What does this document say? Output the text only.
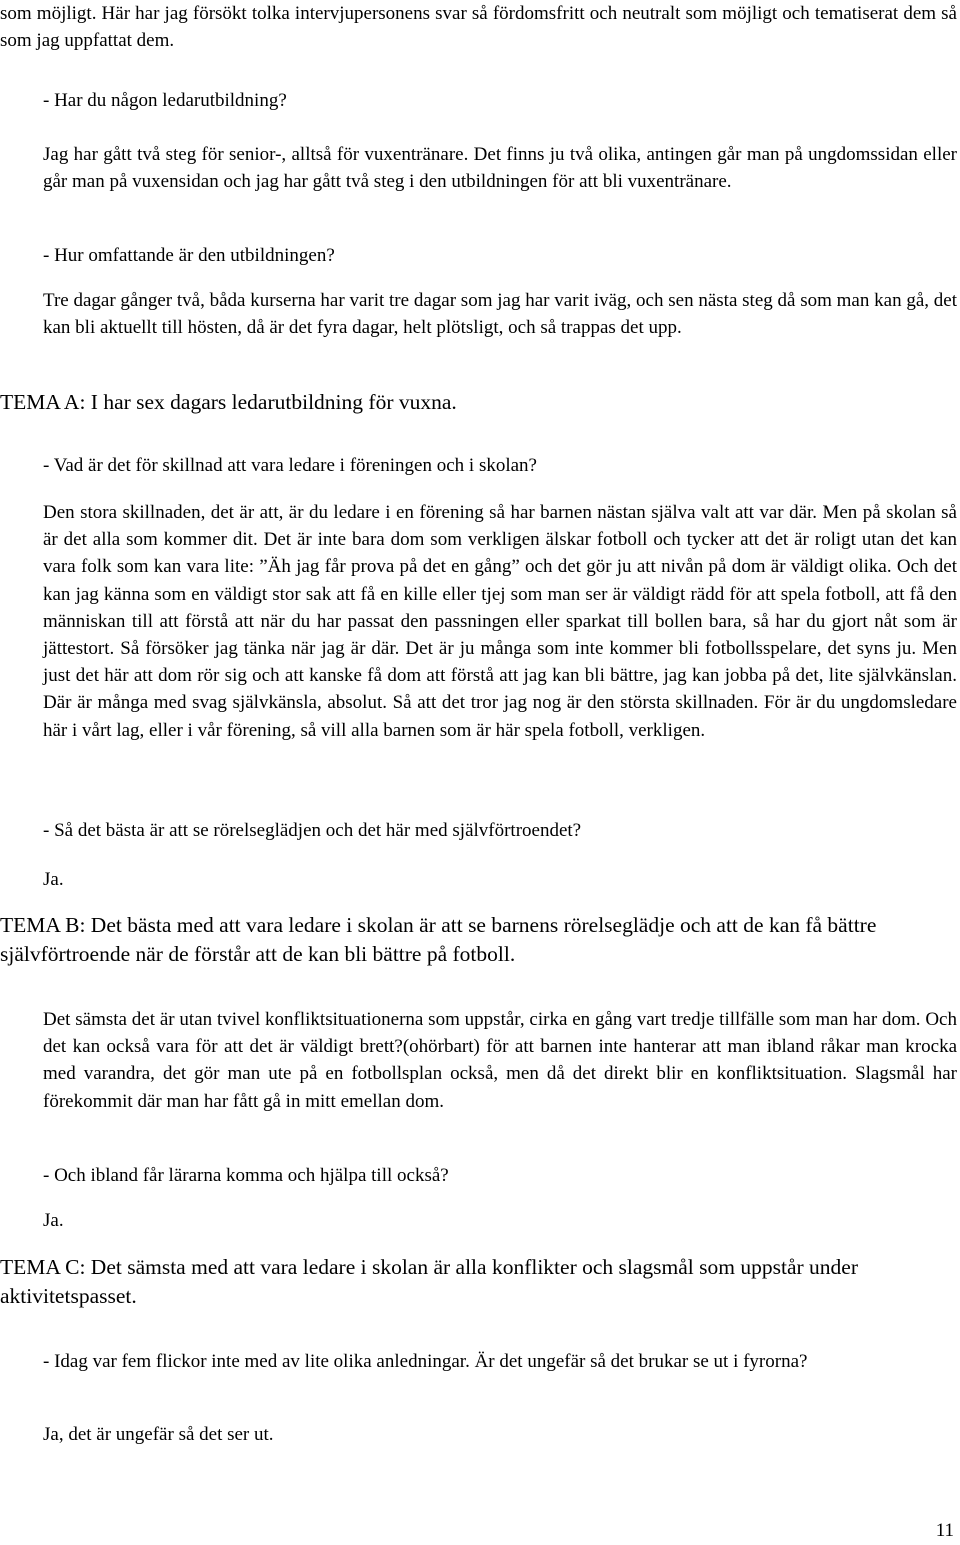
som möjligt. Här har jag försökt tolka intervjupersonens svar så fördomsfritt och neutralt som möjligt och tematiserat dem så som jag uppfattat dem.

- Har du någon ledarutbildning?

Jag har gått två steg för senior-, alltså för vuxentränare. Det finns ju två olika, antingen går man på ungdomssidan eller går man på vuxensidan och jag har gått två steg i den utbildningen för att bli vuxentränare.

- Hur omfattande är den utbildningen?

Tre dagar gånger två, båda kurserna har varit tre dagar som jag har varit iväg, och sen nästa steg då som man kan gå, det kan bli aktuellt till hösten, då är det fyra dagar, helt plötsligt, och så trappas det upp.

TEMA A: I har sex dagars ledarutbildning för vuxna.

- Vad är det för skillnad att vara ledare i föreningen och i skolan?

Den stora skillnaden, det är att, är du ledare i en förening så har barnen nästan själva valt att var där. Men på skolan så är det alla som kommer dit. Det är inte bara dom som verkligen älskar fotboll och tycker att det är roligt utan det kan vara folk som kan vara lite: ”Äh jag får prova på det en gång” och det gör ju att nivån på dom är väldigt olika. Och det kan jag känna som en väldigt stor sak att få en kille eller tjej som man ser är väldigt rädd för att spela fotboll, att få den människan till att förstå att när du har passat den passningen eller sparkat till bollen bara, så har du gjort nåt som är jättestort. Så försöker jag tänka när jag är där. Det är ju många som inte kommer bli fotbollsspelare, det syns ju. Men just det här att dom rör sig och att kanske få dom att förstå att jag kan bli bättre, jag kan jobba på det, lite självkänslan. Där är många med svag självkänsla, absolut. Så att det tror jag nog är den största skillnaden. För är du ungdomsledare här i vårt lag, eller i vår förening, så vill alla barnen som är här spela fotboll, verkligen.

- Så det bästa är att se rörelseglädjen och det här med självförtroendet?

Ja.

TEMA B: Det bästa med att vara ledare i skolan är att se barnens rörelseglädje och att de kan få bättre självförtroende när de förstår att de kan bli bättre på fotboll.

Det sämsta det är utan tvivel konfliktsituationerna som uppstår, cirka en gång vart tredje tillfälle som man har dom. Och det kan också vara för att det är väldigt brett?(ohörbart) för att barnen inte hanterar att man ibland råkar man krocka med varandra, det gör man ute på en fotbollsplan också, men då det direkt blir en konfliktsituation. Slagsmål har förekommit där man har fått gå in mitt emellan dom.

- Och ibland får lärarna komma och hjälpa till också?

Ja.

TEMA C: Det sämsta med att vara ledare i skolan är alla konflikter och slagsmål som uppstår under aktivitetspasset.

- Idag var fem flickor inte med av lite olika anledningar. Är det ungefär så det brukar se ut i fyrorna?

Ja, det är ungefär så det ser ut.

11
